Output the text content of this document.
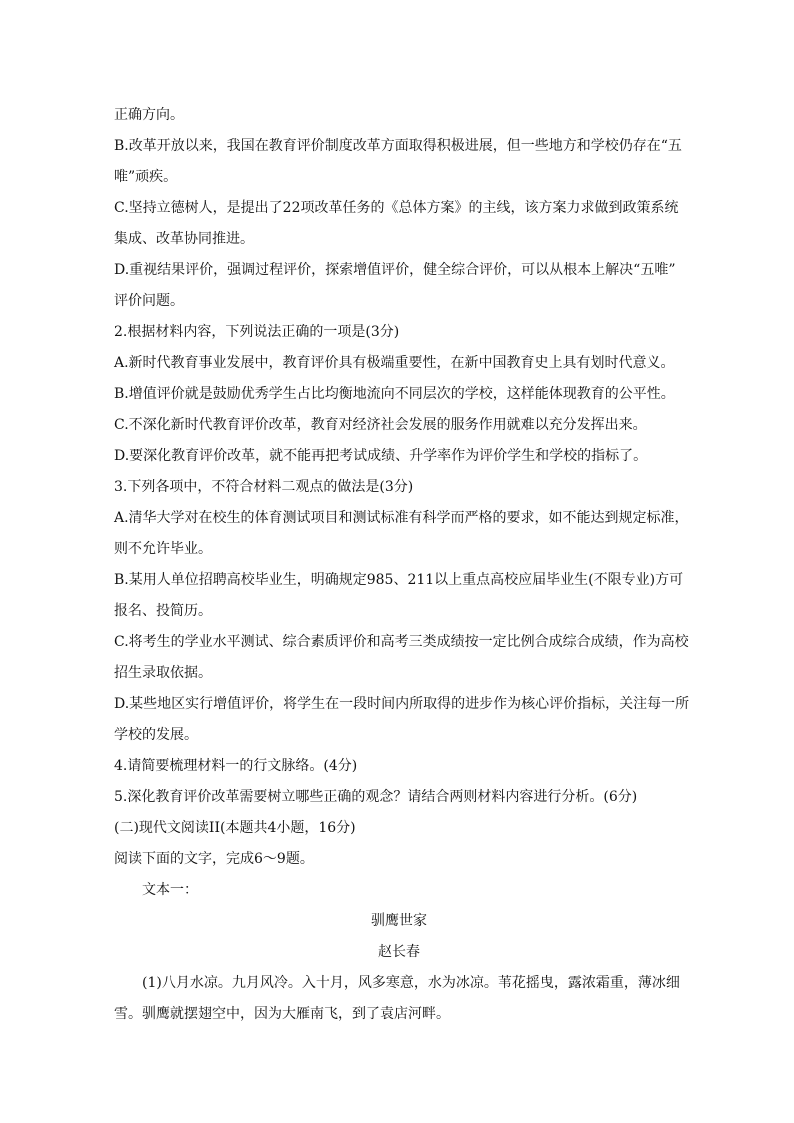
正确方向。
B.改革开放以来，我国在教育评价制度改革方面取得积极进展，但一些地方和学校仍存在“五
唯”顽疾。
C.坚持立德树人，是提出了22项改革任务的《总体方案》的主线，该方案力求做到政策系统
集成、改革协同推进。
D.重视结果评价，强调过程评价，探索增值评价，健全综合评价，可以从根本上解决“五唯”
评价问题。
2.根据材料内容，下列说法正确的一项是(3分)
A.新时代教育事业发展中，教育评价具有极端重要性，在新中国教育史上具有划时代意义。
B.增值评价就是鼓励优秀学生占比均衡地流向不同层次的学校，这样能体现教育的公平性。
C.不深化新时代教育评价改革，教育对经济社会发展的服务作用就难以充分发挥出来。
D.要深化教育评价改革，就不能再把考试成绩、升学率作为评价学生和学校的指标了。
3.下列各项中，不符合材料二观点的做法是(3分)
A.清华大学对在校生的体育测试项目和测试标准有科学而严格的要求，如不能达到规定标准，
则不允许毕业。
B.某用人单位招聘高校毕业生，明确规定985、211以上重点高校应届毕业生(不限专业)方可
报名、投简历。
C.将考生的学业水平测试、综合素质评价和高考三类成绩按一定比例合成综合成绩，作为高校
招生录取依据。
D.某些地区实行增值评价，将学生在一段时间内所取得的进步作为核心评价指标，关注每一所
学校的发展。
4.请简要梳理材料一的行文脉络。(4分)
5.深化教育评价改革需要树立哪些正确的观念？请结合两则材料内容进行分析。(6分)
(二)现代文阅读II(本题共4小题，16分)
阅读下面的文字，完成6～9题。
文本一：
驯鹰世家
赵长春
(1)八月水凉。九月风冷。入十月，风多寒意，水为冰凉。苇花摇曳，露浓霜重，薄冰细
雪。驯鹰就摆翅空中，因为大雁南飞，到了袁店河畔。
